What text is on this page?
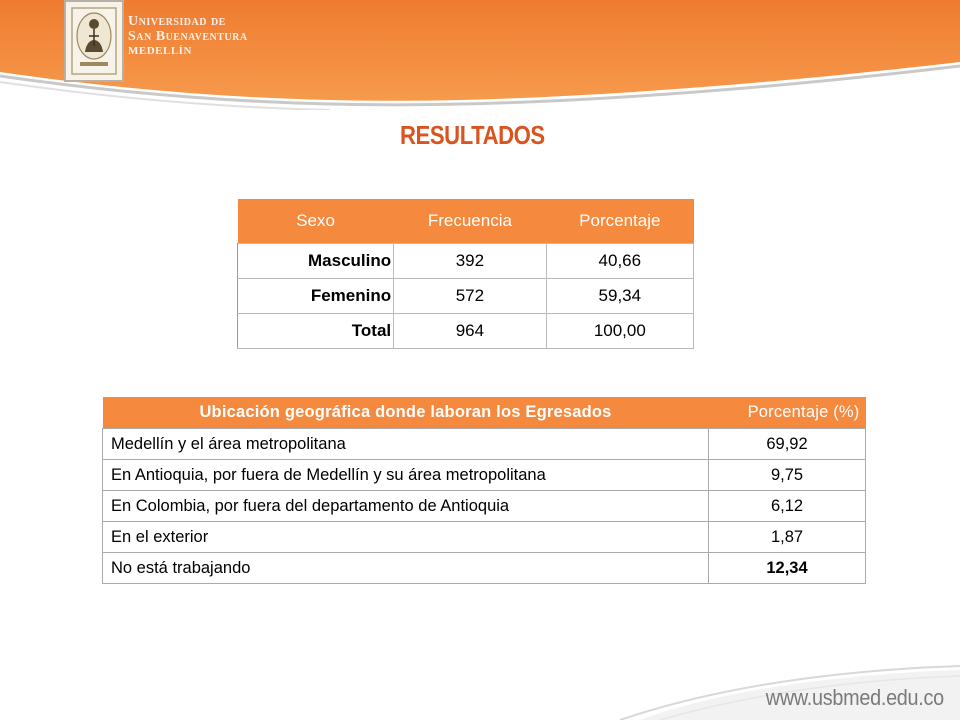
Universidad de
San Buenaventura
MEDELLÍN
RESULTADOS
Sexo	Frecuencia	Porcentaje
Masculino	392	40,66
Femenino	572	59,34
Total	964	100,00
Ubicación geográfica donde laboran los Egresados	Porcentaje (%)
Medellín y el área metropolitana	69,92
En Antioquia, por fuera de Medellín y su área metropolitana	9,75
En Colombia, por fuera del departamento de Antioquia	6,12
En el exterior	1,87
No está trabajando	12,34
www.usbmed.edu.co
